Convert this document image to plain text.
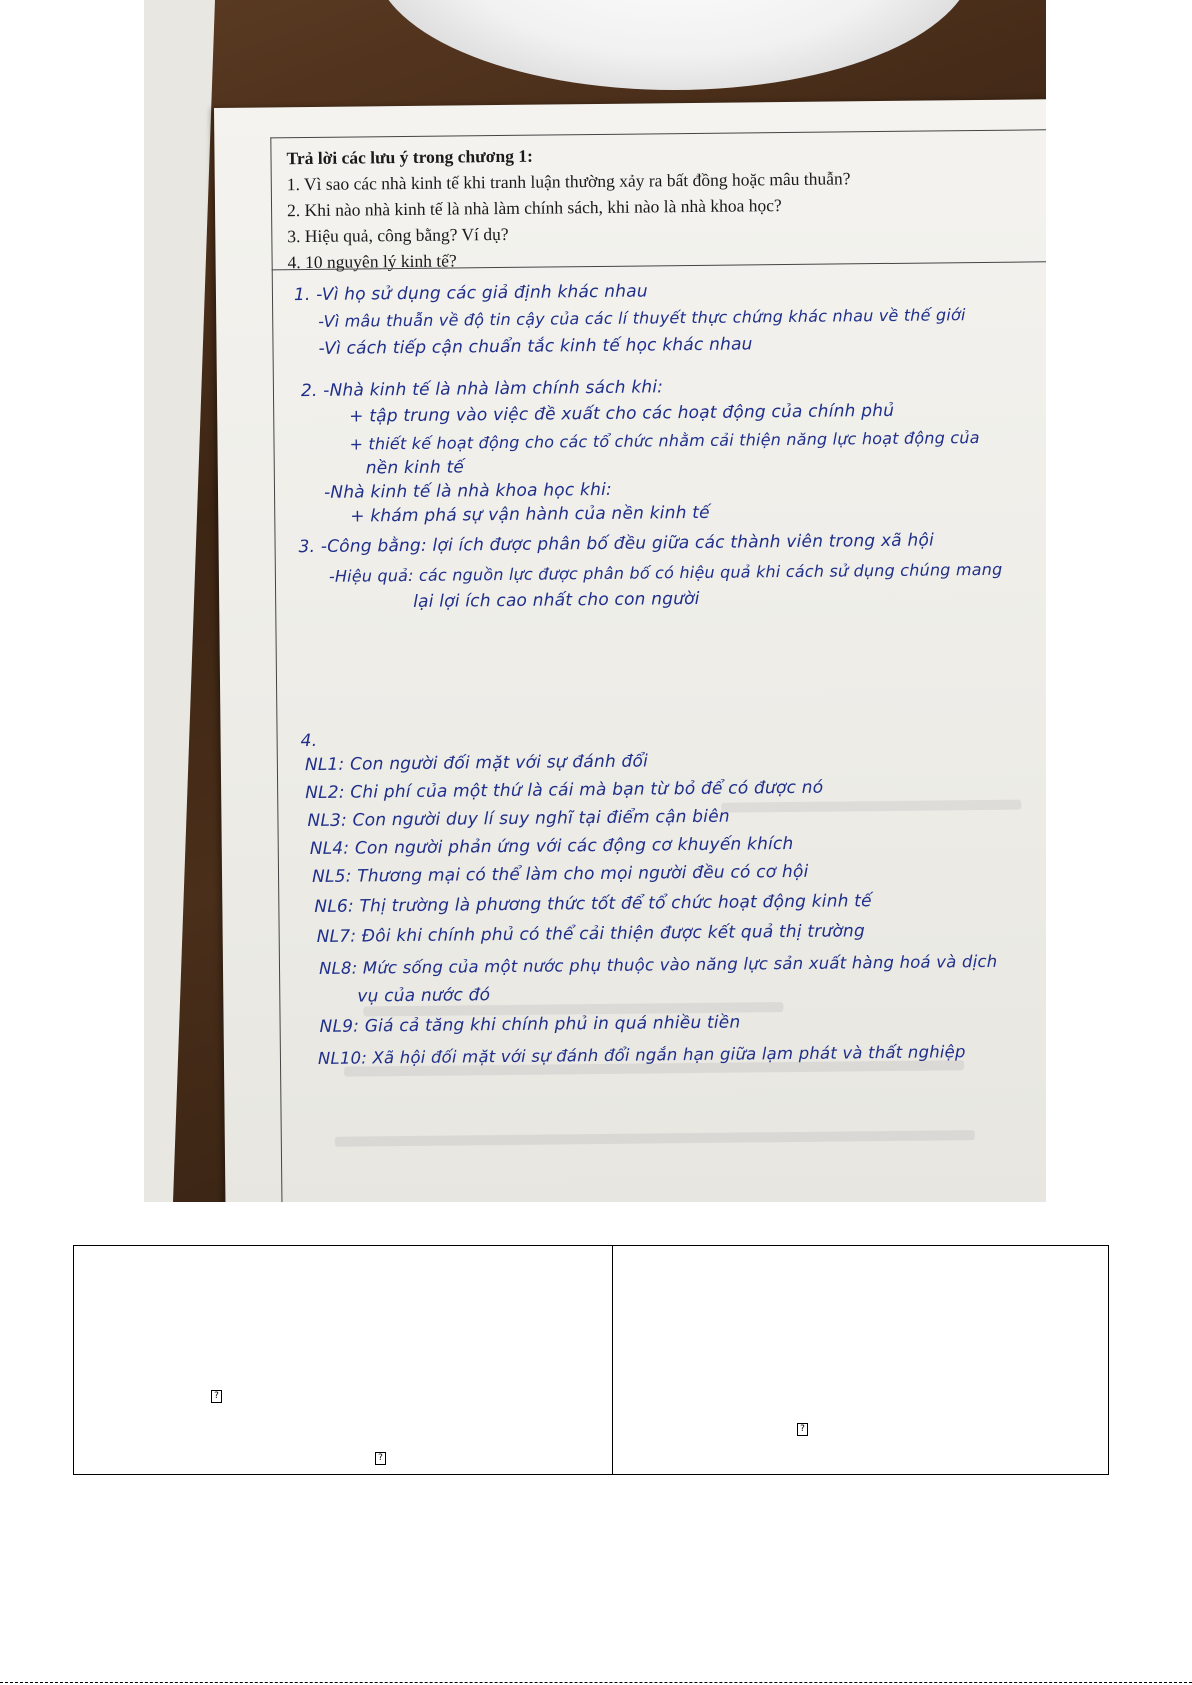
Trả lời các lưu ý trong chương 1:
1. Vì sao các nhà kinh tế khi tranh luận thường xảy ra bất đồng hoặc mâu thuẫn?
2. Khi nào nhà kinh tế là nhà làm chính sách, khi nào là nhà khoa học?
3. Hiệu quả, công bằng? Ví dụ?
4. 10 nguyên lý kinh tế?
1. -Vì họ sử dụng các giả định khác nhau
-Vì mâu thuẫn về độ tin cậy của các lí thuyết thực chứng khác nhau về thế giới
-Vì cách tiếp cận chuẩn tắc kinh tế học khác nhau
2. -Nhà kinh tế là nhà làm chính sách khi:
+ tập trung vào việc đề xuất cho các hoạt động của chính phủ
+ thiết kế hoạt động cho các tổ chức nhằm cải thiện năng lực hoạt động của
nền kinh tế
-Nhà kinh tế là nhà khoa học khi:
+ khám phá sự vận hành của nền kinh tế
3. -Công bằng: lợi ích được phân bố đều giữa các thành viên trong xã hội
-Hiệu quả: các nguồn lực được phân bố có hiệu quả khi cách sử dụng chúng mang
lại lợi ích cao nhất cho con người
4.
NL1: Con người đối mặt với sự đánh đổi
NL2: Chi phí của một thứ là cái mà bạn từ bỏ để có được nó
NL3: Con người duy lí suy nghĩ tại điểm cận biên
NL4: Con người phản ứng với các động cơ khuyến khích
NL5: Thương mại có thể làm cho mọi người đều có cơ hội
NL6: Thị trường là phương thức tốt để tổ chức hoạt động kinh tế
NL7: Đôi khi chính phủ có thể cải thiện được kết quả thị trường
NL8: Mức sống của một nước phụ thuộc vào năng lực sản xuất hàng hoá và dịch
vụ của nước đó
NL9: Giá cả tăng khi chính phủ in quá nhiều tiền
NL10: Xã hội đối mặt với sự đánh đổi ngắn hạn giữa lạm phát và thất nghiệp
?
?
?
